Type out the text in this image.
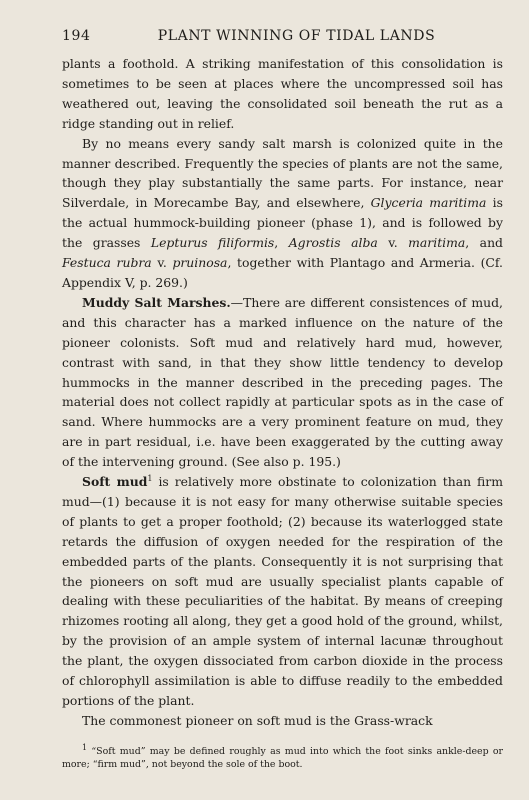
194	PLANT WINNING OF TIDAL LANDS

plants a foothold. A striking manifestation of this consolidation is sometimes to be seen at places where the uncompressed soil has weathered out, leaving the consolidated soil beneath the rut as a ridge standing out in relief.

By no means every sandy salt marsh is colonized quite in the manner described. Frequently the species of plants are not the same, though they play substantially the same parts. For instance, near Silverdale, in Morecambe Bay, and elsewhere, Glyceria maritima is the actual hummock-building pioneer (phase 1), and is followed by the grasses Lepturus filiformis, Agrostis alba v. maritima, and Festuca rubra v. pruinosa, together with Plantago and Armeria. (Cf. Appendix V, p. 269.)

Muddy Salt Marshes.—There are different consistences of mud, and this character has a marked influence on the nature of the pioneer colonists. Soft mud and relatively hard mud, however, contrast with sand, in that they show little tendency to develop hummocks in the manner described in the preceding pages. The material does not collect rapidly at particular spots as in the case of sand. Where hummocks are a very prominent feature on mud, they are in part residual, i.e. have been exaggerated by the cutting away of the intervening ground. (See also p. 195.)

Soft mud$^1$ is relatively more obstinate to colonization than firm mud—(1) because it is not easy for many otherwise suitable species of plants to get a proper foothold; (2) because its waterlogged state retards the diffusion of oxygen needed for the respiration of the embedded parts of the plants. Consequently it is not surprising that the pioneers on soft mud are usually specialist plants capable of dealing with these peculiarities of the habitat. By means of creeping rhizomes rooting all along, they get a good hold of the ground, whilst, by the provision of an ample system of internal lacunæ throughout the plant, the oxygen dissociated from carbon dioxide in the process of chlorophyll assimilation is able to diffuse readily to the embedded portions of the plant.

The commonest pioneer on soft mud is the Grass-wrack

$^1$ “Soft mud” may be defined roughly as mud into which the foot sinks ankle-deep or more; “firm mud”, not beyond the sole of the boot.
